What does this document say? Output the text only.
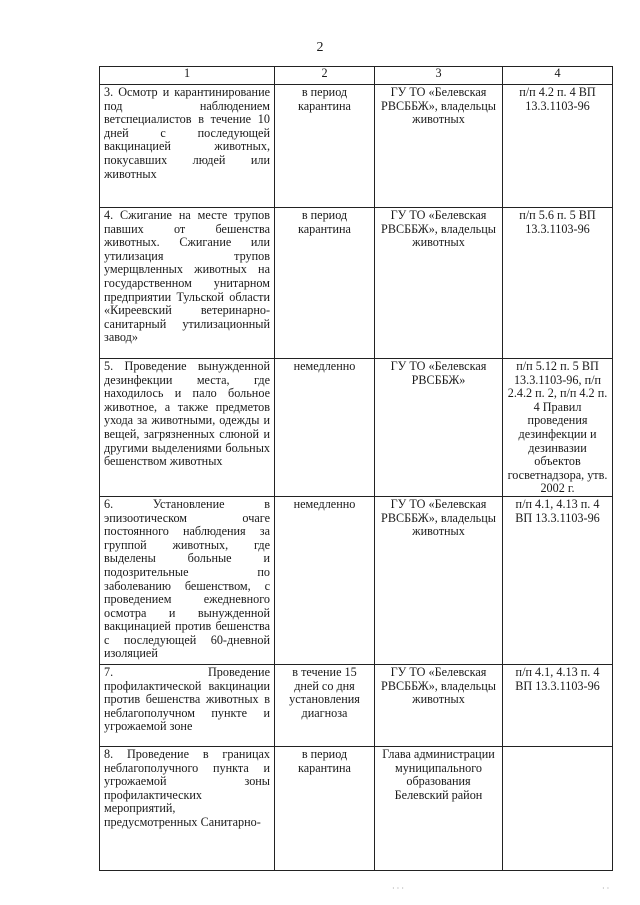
2
1	2	3	4
3. Осмотр и карантинирование под наблюдением ветспециалистов в течение 10 дней с последующей вакцинацией животных, покусавших людей или животных	в период карантина	ГУ ТО «Белевская РВСББЖ», владельцы животных	п/п 4.2 п. 4 ВП 13.3.1103-96
4. Сжигание на месте трупов павших от бешенства животных. Сжигание или утилизация трупов умерщвленных животных на государственном унитарном предприятии Тульской области «Киреевский ветеринарно-санитарный утилизационный завод»	в период карантина	ГУ ТО «Белевская РВСББЖ», владельцы животных	п/п 5.6 п. 5 ВП 13.3.1103-96
5. Проведение вынужденной дезинфекции места, где находилось и пало больное животное, а также предметов ухода за животными, одежды и вещей, загрязненных слюной и другими выделениями больных бешенством животных	немедленно	ГУ ТО «Белевская РВСББЖ»	п/п 5.12 п. 5 ВП 13.3.1103-96, п/п 2.4.2 п. 2, п/п 4.2 п. 4 Правил проведения дезинфекции и дезинвазии объектов госветнадзора, утв. 2002 г.
6. Установление в эпизоотическом очаге постоянного наблюдения за группой животных, где выделены больные и подозрительные по заболеванию бешенством, с проведением ежедневного осмотра и вынужденной вакцинацией против бешенства с последующей 60-дневной изоляцией	немедленно	ГУ ТО «Белевская РВСББЖ», владельцы животных	п/п 4.1, 4.13 п. 4 ВП 13.3.1103-96
7. Проведение профилактической вакцинации против бешенства животных в неблагополучном пункте и угрожаемой зоне	в течение 15 дней со дня установления диагноза	ГУ ТО «Белевская РВСББЖ», владельцы животных	п/п 4.1, 4.13 п. 4 ВП 13.3.1103-96
8. Проведение в границах неблагополучного пункта и угрожаемой зоны профилактических мероприятий, предусмотренных Санитарно-	в период карантина	Глава администрации муниципального образования Белевский район	
· · ·	· ·
